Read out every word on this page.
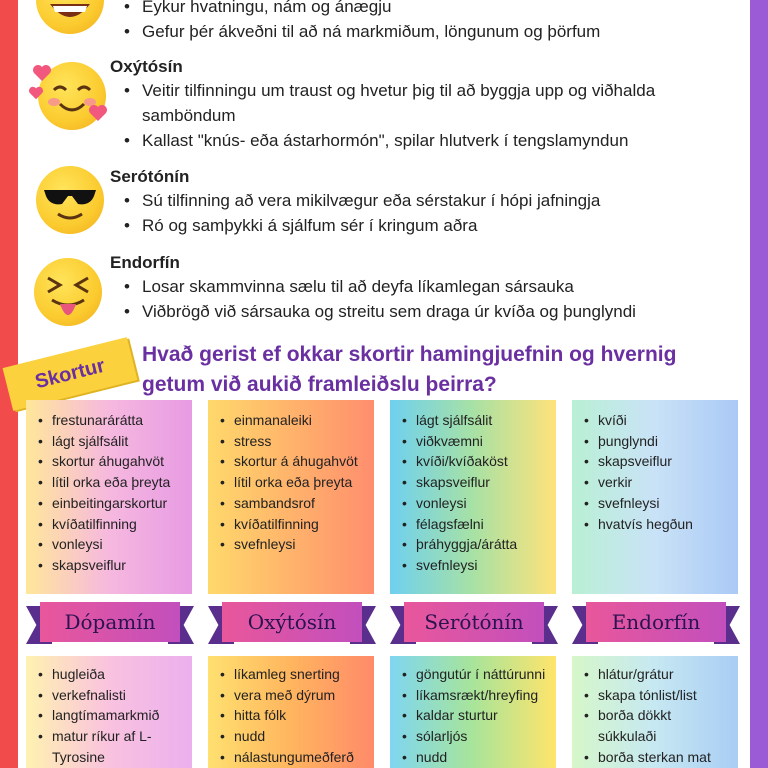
• Eykur hvatningu, nám og ánægju
• Gefur þér ákveðni til að ná markmiðum, löngunum og þörfum
Oxýtósín
• Veitir tilfinningu um traust og hvetur þig til að byggja upp og viðhalda samböndum
• Kallast "knús- eða ástarhormón", spilar hlutverk í tengslamyndun
Serótónín
• Sú tilfinning að vera mikilvægur eða sérstakur í hópi jafningja
• Ró og samþykki á sjálfum sér í kringum aðra
Endorfín
• Losar skammvinna sælu til að deyfa líkamlegan sársauka
• Viðbrögð við sársauka og streitu sem draga úr kvíða og þunglyndi
Skortur
Hvað gerist ef okkar skortir hamingjuefnin og hvernig getum við aukið framleiðslu þeirra?
• frestunarárátta
• lágt sjálfsálit
• skortur áhugahvöt
• lítil orka eða þreyta
• einbeitingarskortur
• kvíðatilfinning
• vonleysi
• skapsveiflur
• einmanaleiki
• stress
• skortur á áhugahvöt
• lítil orka eða þreyta
• sambandsrof
• kvíðatilfinning
• svefnleysi
• lágt sjálfsálit
• viðkvæmni
• kvíði/kvíðaköst
• skapsveiflur
• vonleysi
• félagsfælni
• þráhyggja/árátta
• svefnleysi
• kvíði
• þunglyndi
• skapsveiflur
• verkir
• svefnleysi
• hvatvís hegðun
Dópamín	Oxýtósín	Serótónín	Endorfín
• hugleiða
• verkefnalisti
• langtímamarkmið
• matur ríkur af L-Tyrosine
• líkamleg snerting
• vera með dýrum
• hitta fólk
• nudd
• nálastungumeðferð
• göngutúr í náttúrunni
• líkamsrækt/hreyfing
• kaldar sturtur
• sólarljós
• nudd
• hlátur/grátur
• skapa tónlist/list
• borða dökkt súkkulaði
• borða sterkan mat
